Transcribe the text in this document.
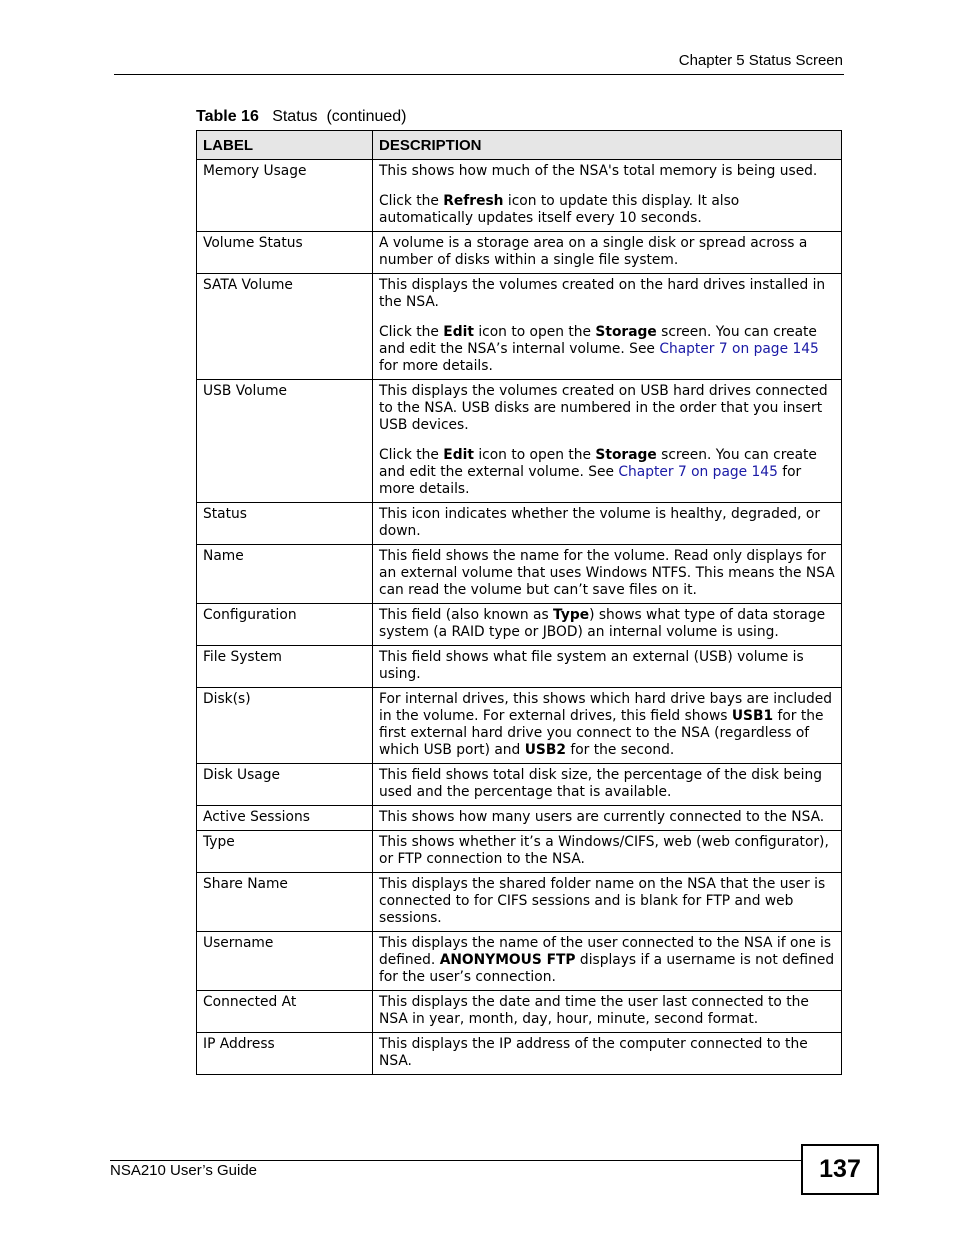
Chapter 5 Status Screen
Table 16 Status  (continued)
LABEL	DESCRIPTION
Memory Usage	This shows how much of the NSA's total memory is being used.

Click the Refresh icon to update this display. It also automatically updates itself every 10 seconds.

Volume Status	A volume is a storage area on a single disk or spread across a number of disks within a single file system.

SATA Volume	This displays the volumes created on the hard drives installed in the NSA.

Click the Edit icon to open the Storage screen. You can create and edit the NSA’s internal volume. See Chapter 7 on page 145 for more details.

USB Volume	This displays the volumes created on USB hard drives connected to the NSA. USB disks are numbered in the order that you insert USB devices.

Click the Edit icon to open the Storage screen. You can create and edit the external volume. See Chapter 7 on page 145 for more details.

Status	This icon indicates whether the volume is healthy, degraded, or down.

Name	This field shows the name for the volume. Read only displays for an external volume that uses Windows NTFS. This means the NSA can read the volume but can’t save files on it.

Configuration	This field (also known as Type) shows what type of data storage system (a RAID type or JBOD) an internal volume is using.

File System	This field shows what file system an external (USB) volume is using.

Disk(s)	For internal drives, this shows which hard drive bays are included in the volume. For external drives, this field shows USB1 for the first external hard drive you connect to the NSA (regardless of which USB port) and USB2 for the second.

Disk Usage	This field shows total disk size, the percentage of the disk being used and the percentage that is available.

Active Sessions	This shows how many users are currently connected to the NSA.

Type	This shows whether it’s a Windows/CIFS, web (web configurator), or FTP connection to the NSA.

Share Name	This displays the shared folder name on the NSA that the user is connected to for CIFS sessions and is blank for FTP and web sessions.

Username	This displays the name of the user connected to the NSA if one is defined. ANONYMOUS FTP displays if a username is not defined for the user’s connection.

Connected At	This displays the date and time the user last connected to the NSA in year, month, day, hour, minute, second format.

IP Address	This displays the IP address of the computer connected to the NSA.

NSA210 User’s Guide	137
